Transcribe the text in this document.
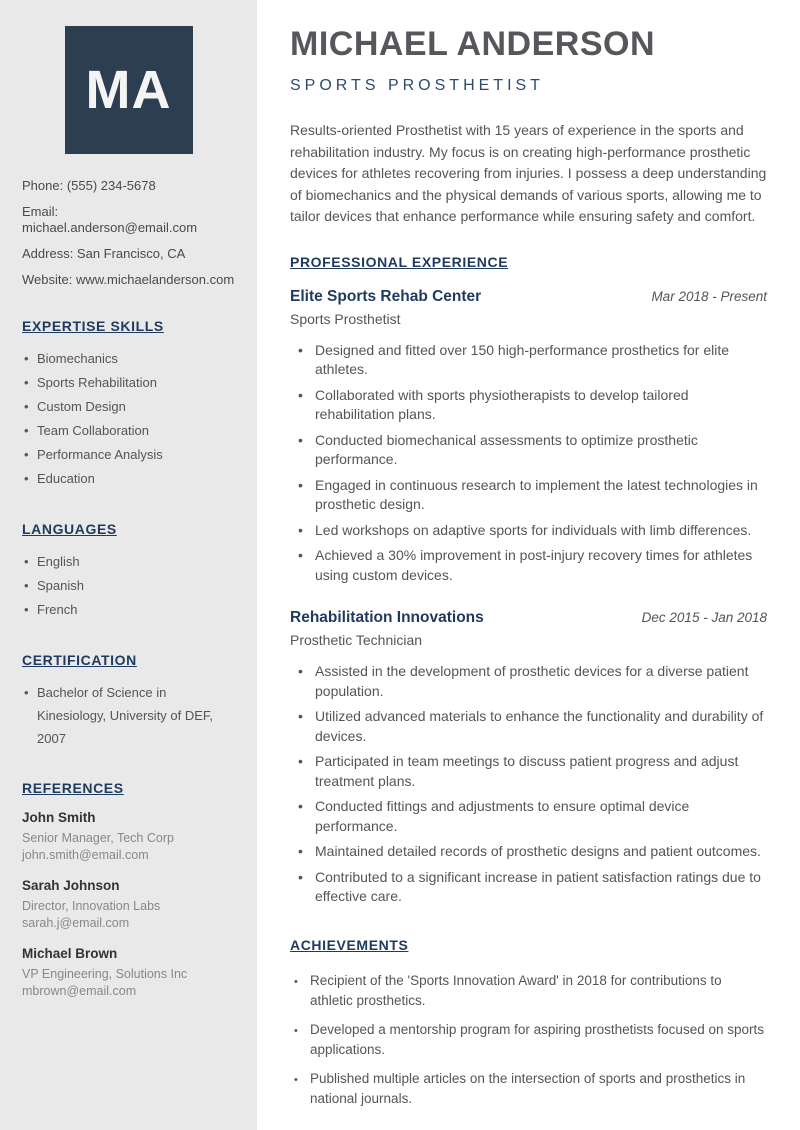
MA
Phone: (555) 234-5678
Email: michael.anderson@email.com
Address: San Francisco, CA
Website: www.michaelanderson.com
EXPERTISE SKILLS
• Biomechanics
• Sports Rehabilitation
• Custom Design
• Team Collaboration
• Performance Analysis
• Education
LANGUAGES
• English
• Spanish
• French
CERTIFICATION
• Bachelor of Science in Kinesiology, University of DEF, 2007
REFERENCES
John Smith
Senior Manager, Tech Corp
john.smith@email.com
Sarah Johnson
Director, Innovation Labs
sarah.j@email.com
Michael Brown
VP Engineering, Solutions Inc
mbrown@email.com
MICHAEL ANDERSON
SPORTS PROSTHETIST

Results-oriented Prosthetist with 15 years of experience in the sports and rehabilitation industry. My focus is on creating high-performance prosthetic devices for athletes recovering from injuries. I possess a deep understanding of biomechanics and the physical demands of various sports, allowing me to tailor devices that enhance performance while ensuring safety and comfort.

PROFESSIONAL EXPERIENCE
Elite Sports Rehab Center	Mar 2018 - Present
Sports Prosthetist
• Designed and fitted over 150 high-performance prosthetics for elite athletes.
• Collaborated with sports physiotherapists to develop tailored rehabilitation plans.
• Conducted biomechanical assessments to optimize prosthetic performance.
• Engaged in continuous research to implement the latest technologies in prosthetic design.
• Led workshops on adaptive sports for individuals with limb differences.
• Achieved a 30% improvement in post-injury recovery times for athletes using custom devices.
Rehabilitation Innovations	Dec 2015 - Jan 2018
Prosthetic Technician
• Assisted in the development of prosthetic devices for a diverse patient population.
• Utilized advanced materials to enhance the functionality and durability of devices.
• Participated in team meetings to discuss patient progress and adjust treatment plans.
• Conducted fittings and adjustments to ensure optimal device performance.
• Maintained detailed records of prosthetic designs and patient outcomes.
• Contributed to a significant increase in patient satisfaction ratings due to effective care.
ACHIEVEMENTS
• Recipient of the 'Sports Innovation Award' in 2018 for contributions to athletic prosthetics.
• Developed a mentorship program for aspiring prosthetists focused on sports applications.
• Published multiple articles on the intersection of sports and prosthetics in national journals.
